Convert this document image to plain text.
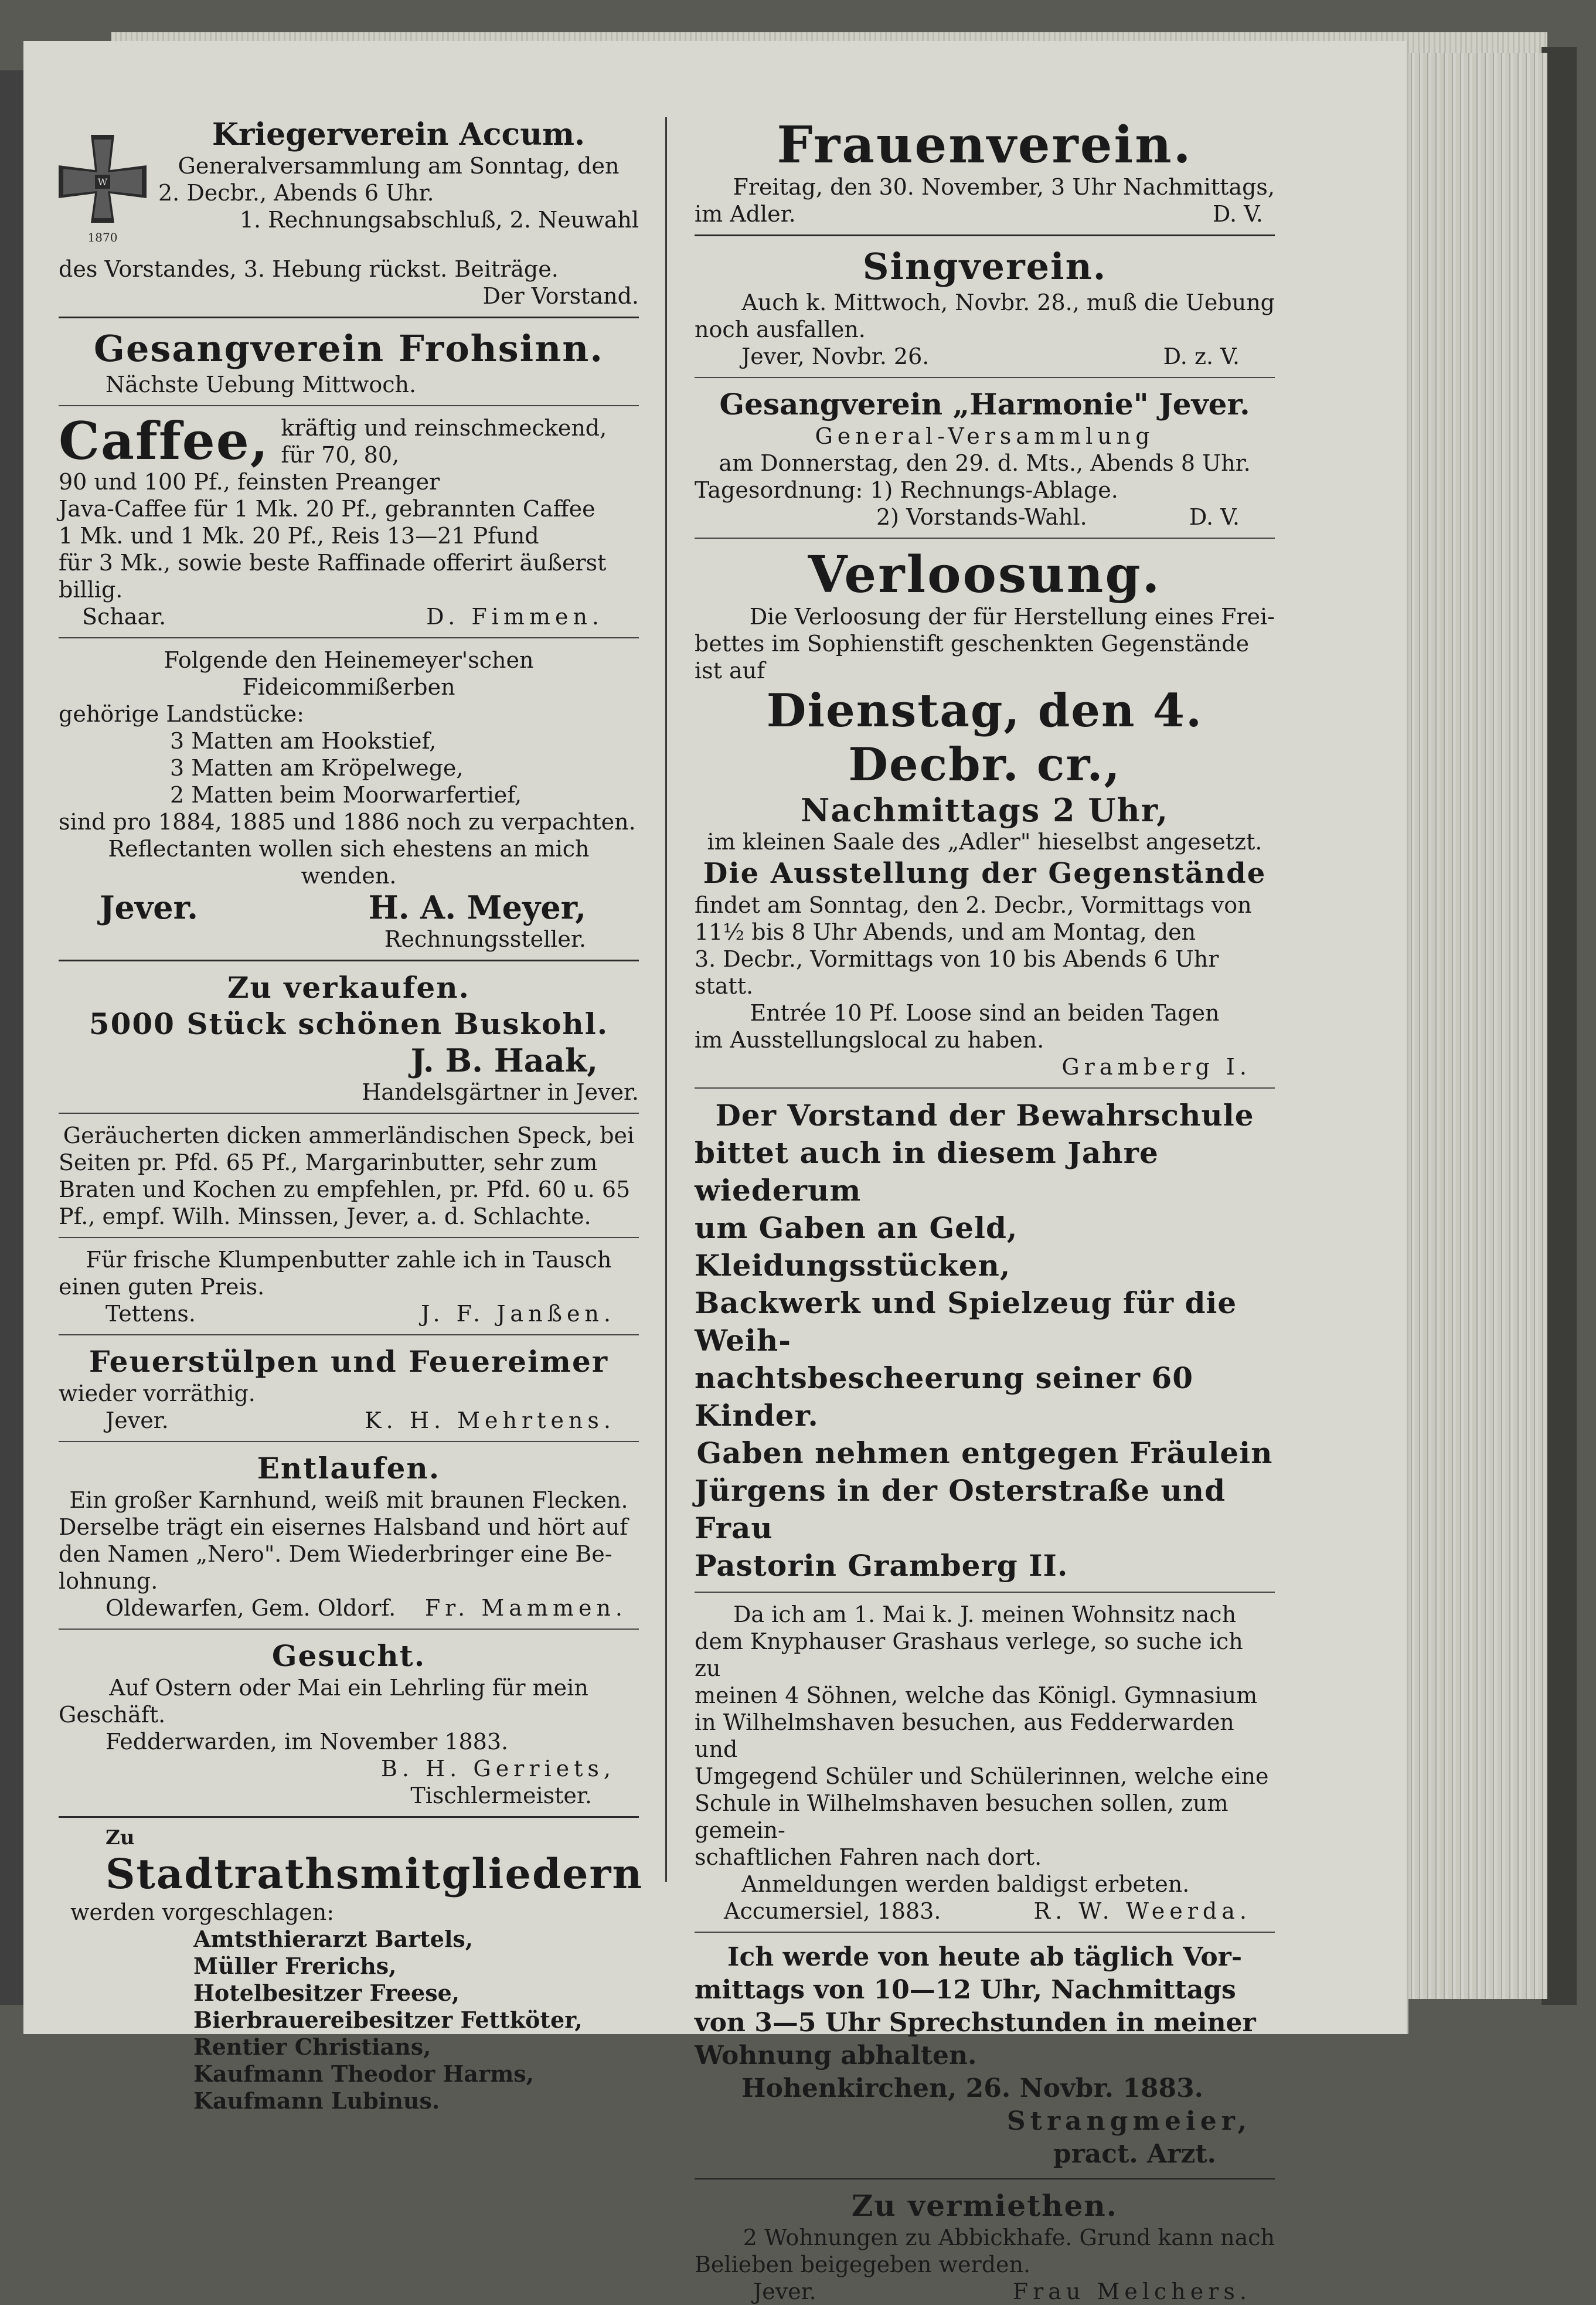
W
1870
Kriegerverein Accum.
Generalversammlung am Sonntag, den
2. Decbr., Abends 6 Uhr.
1. Rechnungsabschluß, 2. Neuwahl
des Vorstandes, 3. Hebung rückst. Beiträge.
Der Vorstand.
Gesangverein Frohsinn.
Nächste Uebung Mittwoch.
Caffee, kräftig und reinschmeckend, für 70, 80,
90 und 100 Pf., feinsten Preanger
Java-Caffee für 1 Mk. 20 Pf., gebrannten Caffee
1 Mk. und 1 Mk. 20 Pf., Reis 13—21 Pfund
für 3 Mk., sowie beste Raffinade offerirt äußerst billig.
Schaar.	D. Fimmen.
Folgende den Heinemeyer'schen Fideicommißerben
gehörige Landstücke:
3 Matten am Hookstief,
3 Matten am Kröpelwege,
2 Matten beim Moorwarfertief,
sind pro 1884, 1885 und 1886 noch zu verpachten.
Reflectanten wollen sich ehestens an mich wenden.
Jever.	H. A. Meyer,
Rechnungssteller.
Zu verkaufen.
5000 Stück schönen Buskohl.
J. B. Haak,
Handelsgärtner in Jever.
Geräucherten dicken ammerländischen Speck, bei
Seiten pr. Pfd. 65 Pf., Margarinbutter, sehr zum
Braten und Kochen zu empfehlen, pr. Pfd. 60 u. 65
Pf., empf. Wilh. Minssen, Jever, a. d. Schlachte.
Für frische Klumpenbutter zahle ich in Tausch
einen guten Preis.
Tettens.	J. F. Janßen.
Feuerstülpen und Feuereimer
wieder vorräthig.
Jever.	K. H. Mehrtens.
Entlaufen.
Ein großer Karnhund, weiß mit braunen Flecken.
Derselbe trägt ein eisernes Halsband und hört auf
den Namen „Nero". Dem Wiederbringer eine Be-
lohnung.
Oldewarfen, Gem. Oldorf. Fr. Mammen.
Gesucht.
Auf Ostern oder Mai ein Lehrling für mein
Geschäft.
Fedderwarden, im November 1883.
B. H. Gerriets,
Tischlermeister.
Zu Stadtrathsmitgliedern
werden vorgeschlagen:
Amtsthierarzt Bartels,
Müller Frerichs,
Hotelbesitzer Freese,
Bierbrauereibesitzer Fettköter,
Rentier Christians,
Kaufmann Theodor Harms,
Kaufmann Lubinus.
Frauenverein.
Freitag, den 30. November, 3 Uhr Nachmittags,
im Adler.	D. V.
Singverein.
Auch k. Mittwoch, Novbr. 28., muß die Uebung
noch ausfallen.
Jever, Novbr. 26.	D. z. V.
Gesangverein „Harmonie" Jever.
General-Versammlung
am Donnerstag, den 29. d. Mts., Abends 8 Uhr.
Tagesordnung: 1) Rechnungs-Ablage.
2) Vorstands-Wahl.	D. V.
Verloosung.
Die Verloosung der für Herstellung eines Frei-
bettes im Sophienstift geschenkten Gegenstände ist auf
Dienstag, den 4. Decbr. cr.,
Nachmittags 2 Uhr,
im kleinen Saale des „Adler" hieselbst angesetzt.
Die Ausstellung der Gegenstände
findet am Sonntag, den 2. Decbr., Vormittags von
11½ bis 8 Uhr Abends, und am Montag, den
3. Decbr., Vormittags von 10 bis Abends 6 Uhr statt.
Entrée 10 Pf. Loose sind an beiden Tagen
im Ausstellungslocal zu haben.
Gramberg I.
Der Vorstand der Bewahrschule
bittet auch in diesem Jahre wiederum
um Gaben an Geld, Kleidungsstücken,
Backwerk und Spielzeug für die Weih-
nachtsbescheerung seiner 60 Kinder.
Gaben nehmen entgegen Fräulein
Jürgens in der Osterstraße und Frau
Pastorin Gramberg II.
Da ich am 1. Mai k. J. meinen Wohnsitz nach
dem Knyphauser Grashaus verlege, so suche ich zu
meinen 4 Söhnen, welche das Königl. Gymnasium
in Wilhelmshaven besuchen, aus Fedderwarden und
Umgegend Schüler und Schülerinnen, welche eine
Schule in Wilhelmshaven besuchen sollen, zum gemein-
schaftlichen Fahren nach dort.
Anmeldungen werden baldigst erbeten.
Accumersiel, 1883.	R. W. Weerda.
Ich werde von heute ab täglich Vor-
mittags von 10—12 Uhr, Nachmittags
von 3—5 Uhr Sprechstunden in meiner
Wohnung abhalten.
Hohenkirchen, 26. Novbr. 1883.
Strangmeier,
pract. Arzt.
Zu vermiethen.
2 Wohnungen zu Abbickhafe. Grund kann nach
Belieben beigegeben werden.
Jever.	Frau Melchers.
